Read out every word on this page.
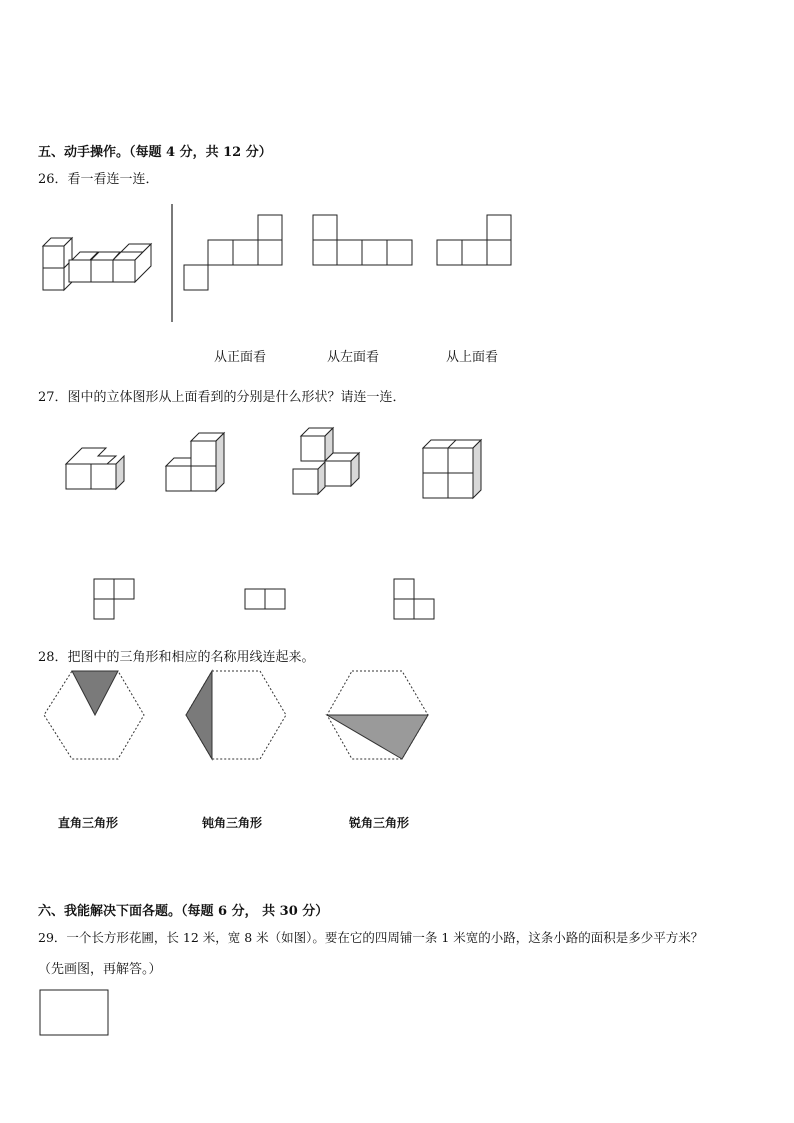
五、动手操作。（每题 4 分，共 12 分）
26．看一看连一连．
从正面看	从左面看	从上面看
27．图中的立体图形从上面看到的分别是什么形状？请连一连．
28．把图中的三角形和相应的名称用线连起来。
直角三角形	钝角三角形	锐角三角形
六、我能解决下面各题。（每题 6 分， 共 30 分）
29．一个长方形花圃，长 12 米，宽 8 米（如图）。要在它的四周铺一条 1 米宽的小路，这条小路的面积是多少平方米？
（先画图，再解答。）
